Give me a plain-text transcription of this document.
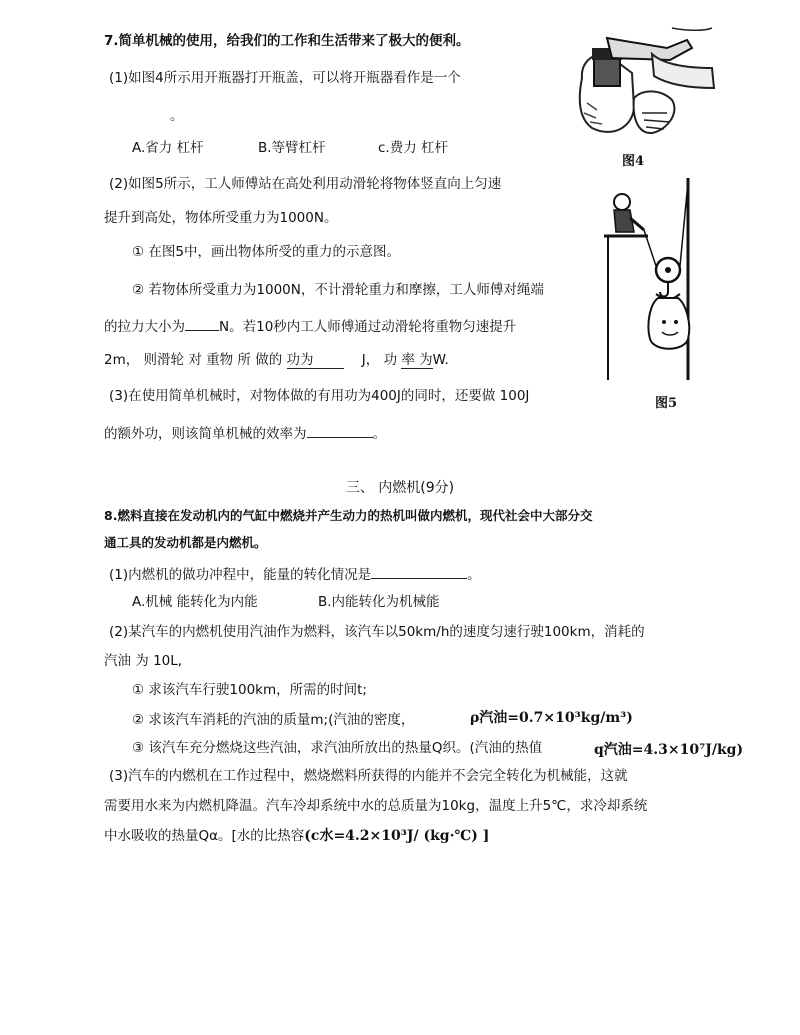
7.简单机械的使用，给我们的工作和生活带来了极大的便利。
(1)如图4所示用开瓶器打开瓶盖，可以将开瓶器看作是一个
。
A.省力 杠杆	B.等臂杠杆	c.费力 杠杆
(2)如图5所示，工人师傅站在高处利用动滑轮将物体竖直向上匀速
提升到高处，物体所受重力为1000N。
① 在图5中，画出物体所受的重力的示意图。
② 若物体所受重力为1000N，不计滑轮重力和摩擦，工人师傅对绳端
的拉力大小为	N。若10秒内工人师傅通过动滑轮将重物匀速提升
2m， 则滑轮 对 重物 所 做的 功为	J， 功 率 为W.
(3)在使用简单机械时，对物体做的有用功为400J的同时，还要做 100J
的额外功，则该简单机械的效率为	。
图4
图5
三、 内燃机(9分)
8.燃料直接在发动机内的气缸中燃烧并产生动力的热机叫做内燃机，现代社会中大部分交
通工具的发动机都是内燃机。
(1)内燃机的做功冲程中，能量的转化情况是	。
A.机械 能转化为内能	B.内能转化为机械能
(2)某汽车的内燃机使用汽油作为燃料，该汽车以50km/h的速度匀速行驶100km，消耗的
汽油 为 10L,
① 求该汽车行驶100km，所需的时间t;
② 求该汽车消耗的汽油的质量m;(汽油的密度，	ρ汽油=0.7×10³kg/m³)
③ 该汽车充分燃烧这些汽油，求汽油所放出的热量Q织。(汽油的热值	q汽油=4.3×10⁷J/kg)
(3)汽车的内燃机在工作过程中，燃烧燃料所获得的内能并不会完全转化为机械能，这就
需要用水来为内燃机降温。汽车冷却系统中水的总质量为10kg，温度上升5℃，求冷却系统
中水吸收的热量Qα。[水的比热容(c水=4.2×10³J/ (kg·℃) ]
